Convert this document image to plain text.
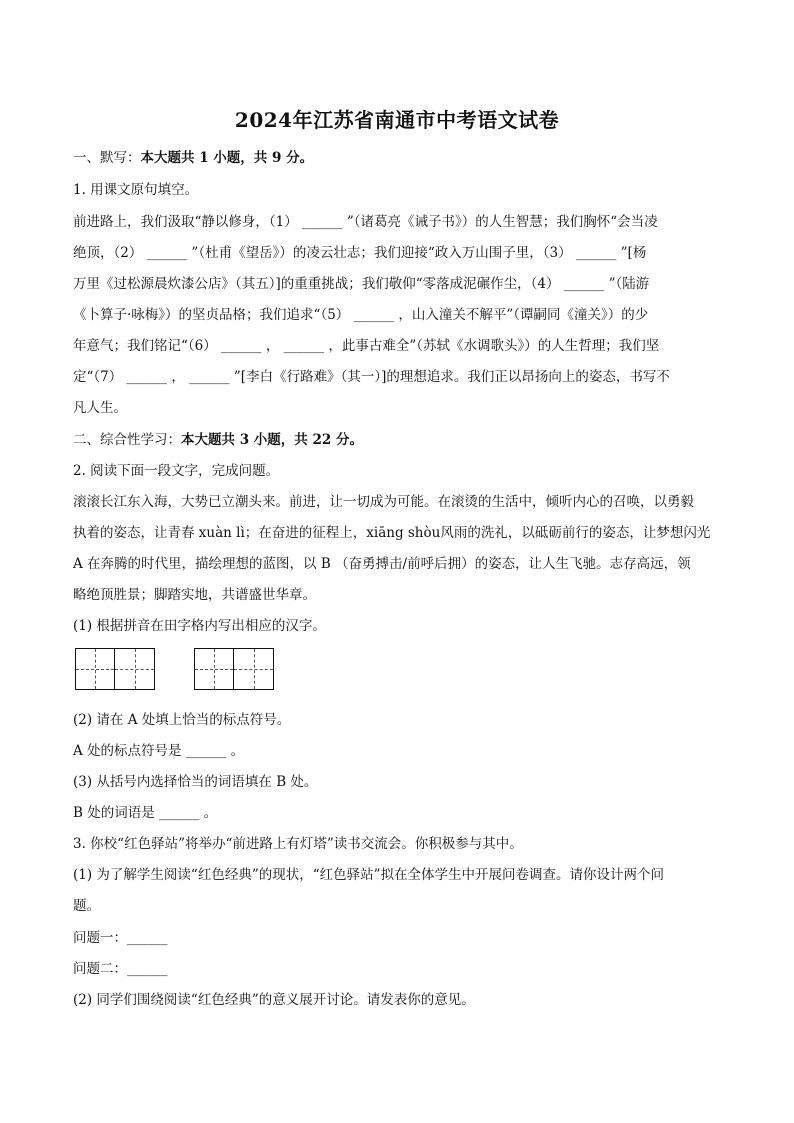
2024年江苏省南通市中考语文试卷
一、默写：本大题共 1 小题，共 9 分。
1. 用课文原句填空。
前进路上，我们汲取“静以修身，（1） ______ ”（诸葛亮《诫子书》）的人生智慧；我们胸怀“会当凌
绝顶，（2） ______ ”（杜甫《望岳》）的凌云壮志；我们迎接“政入万山围子里，（3） ______ ”[杨
万里《过松源晨炊漆公店》（其五）]的重重挑战；我们敬仰“零落成泥碾作尘，（4） ______ ”（陆游
《卜算子·咏梅》）的坚贞品格；我们追求“（5） ______ ，山入潼关不解平”（谭嗣同《潼关》）的少
年意气；我们铭记“（6） ______ ， ______ ，此事古难全”（苏轼《水调歌头》）的人生哲理；我们坚
定“（7） ______ ， ______ ”[李白《行路难》（其一）]的理想追求。我们正以昂扬向上的姿态，书写不
凡人生。
二、综合性学习：本大题共 3 小题，共 22 分。
2. 阅读下面一段文字，完成问题。
滚滚长江东入海，大势已立潮头来。前进，让一切成为可能。在滚烫的生活中，倾听内心的召唤，以勇毅
执着的姿态，让青春 xuàn lì；在奋进的征程上，xiāng shòu风雨的洗礼，以砥砺前行的姿态，让梦想闪光
A 在奔腾的时代里，描绘理想的蓝图，以 B （奋勇搏击/前呼后拥）的姿态，让人生飞驰。志存高远，领
略绝顶胜景；脚踏实地，共谱盛世华章。
(1) 根据拼音在田字格内写出相应的汉字。
(2) 请在 A 处填上恰当的标点符号。
A 处的标点符号是 ______ 。
(3) 从括号内选择恰当的词语填在 B 处。
B 处的词语是 ______ 。
3. 你校“红色驿站”将举办“前进路上有灯塔”读书交流会。你积极参与其中。
(1) 为了解学生阅读“红色经典”的现状，“红色驿站”拟在全体学生中开展问卷调查。请你设计两个问
题。
问题一：______
问题二：______
(2) 同学们围绕阅读“红色经典”的意义展开讨论。请发表你的意见。
